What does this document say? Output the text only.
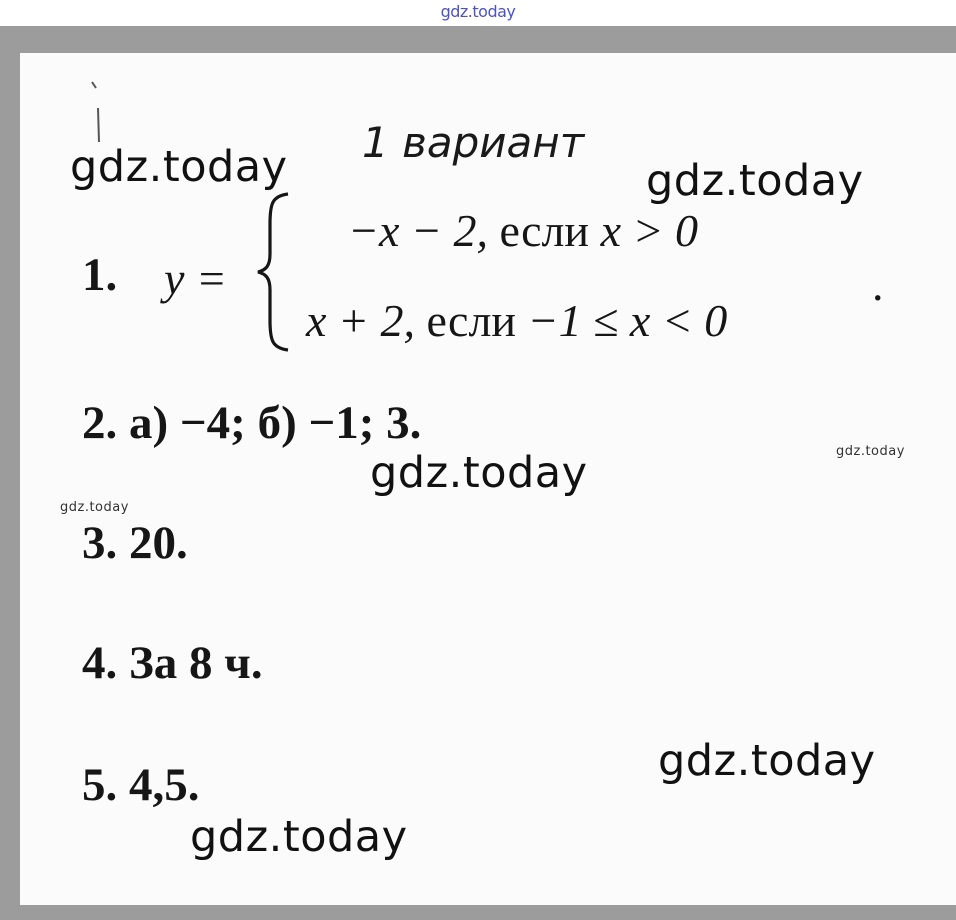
gdz.today
gdz.today	gdz.today
gdz.today
gdz.today
gdz.today
gdz.today
gdz.today
1 вариант
1. y =
−x − 2, если x > 0
x + 2, если −1 ≤ x < 0
.
2. а) −4; б) −1; 3.
3. 20.
4. За 8 ч.
5. 4,5.
